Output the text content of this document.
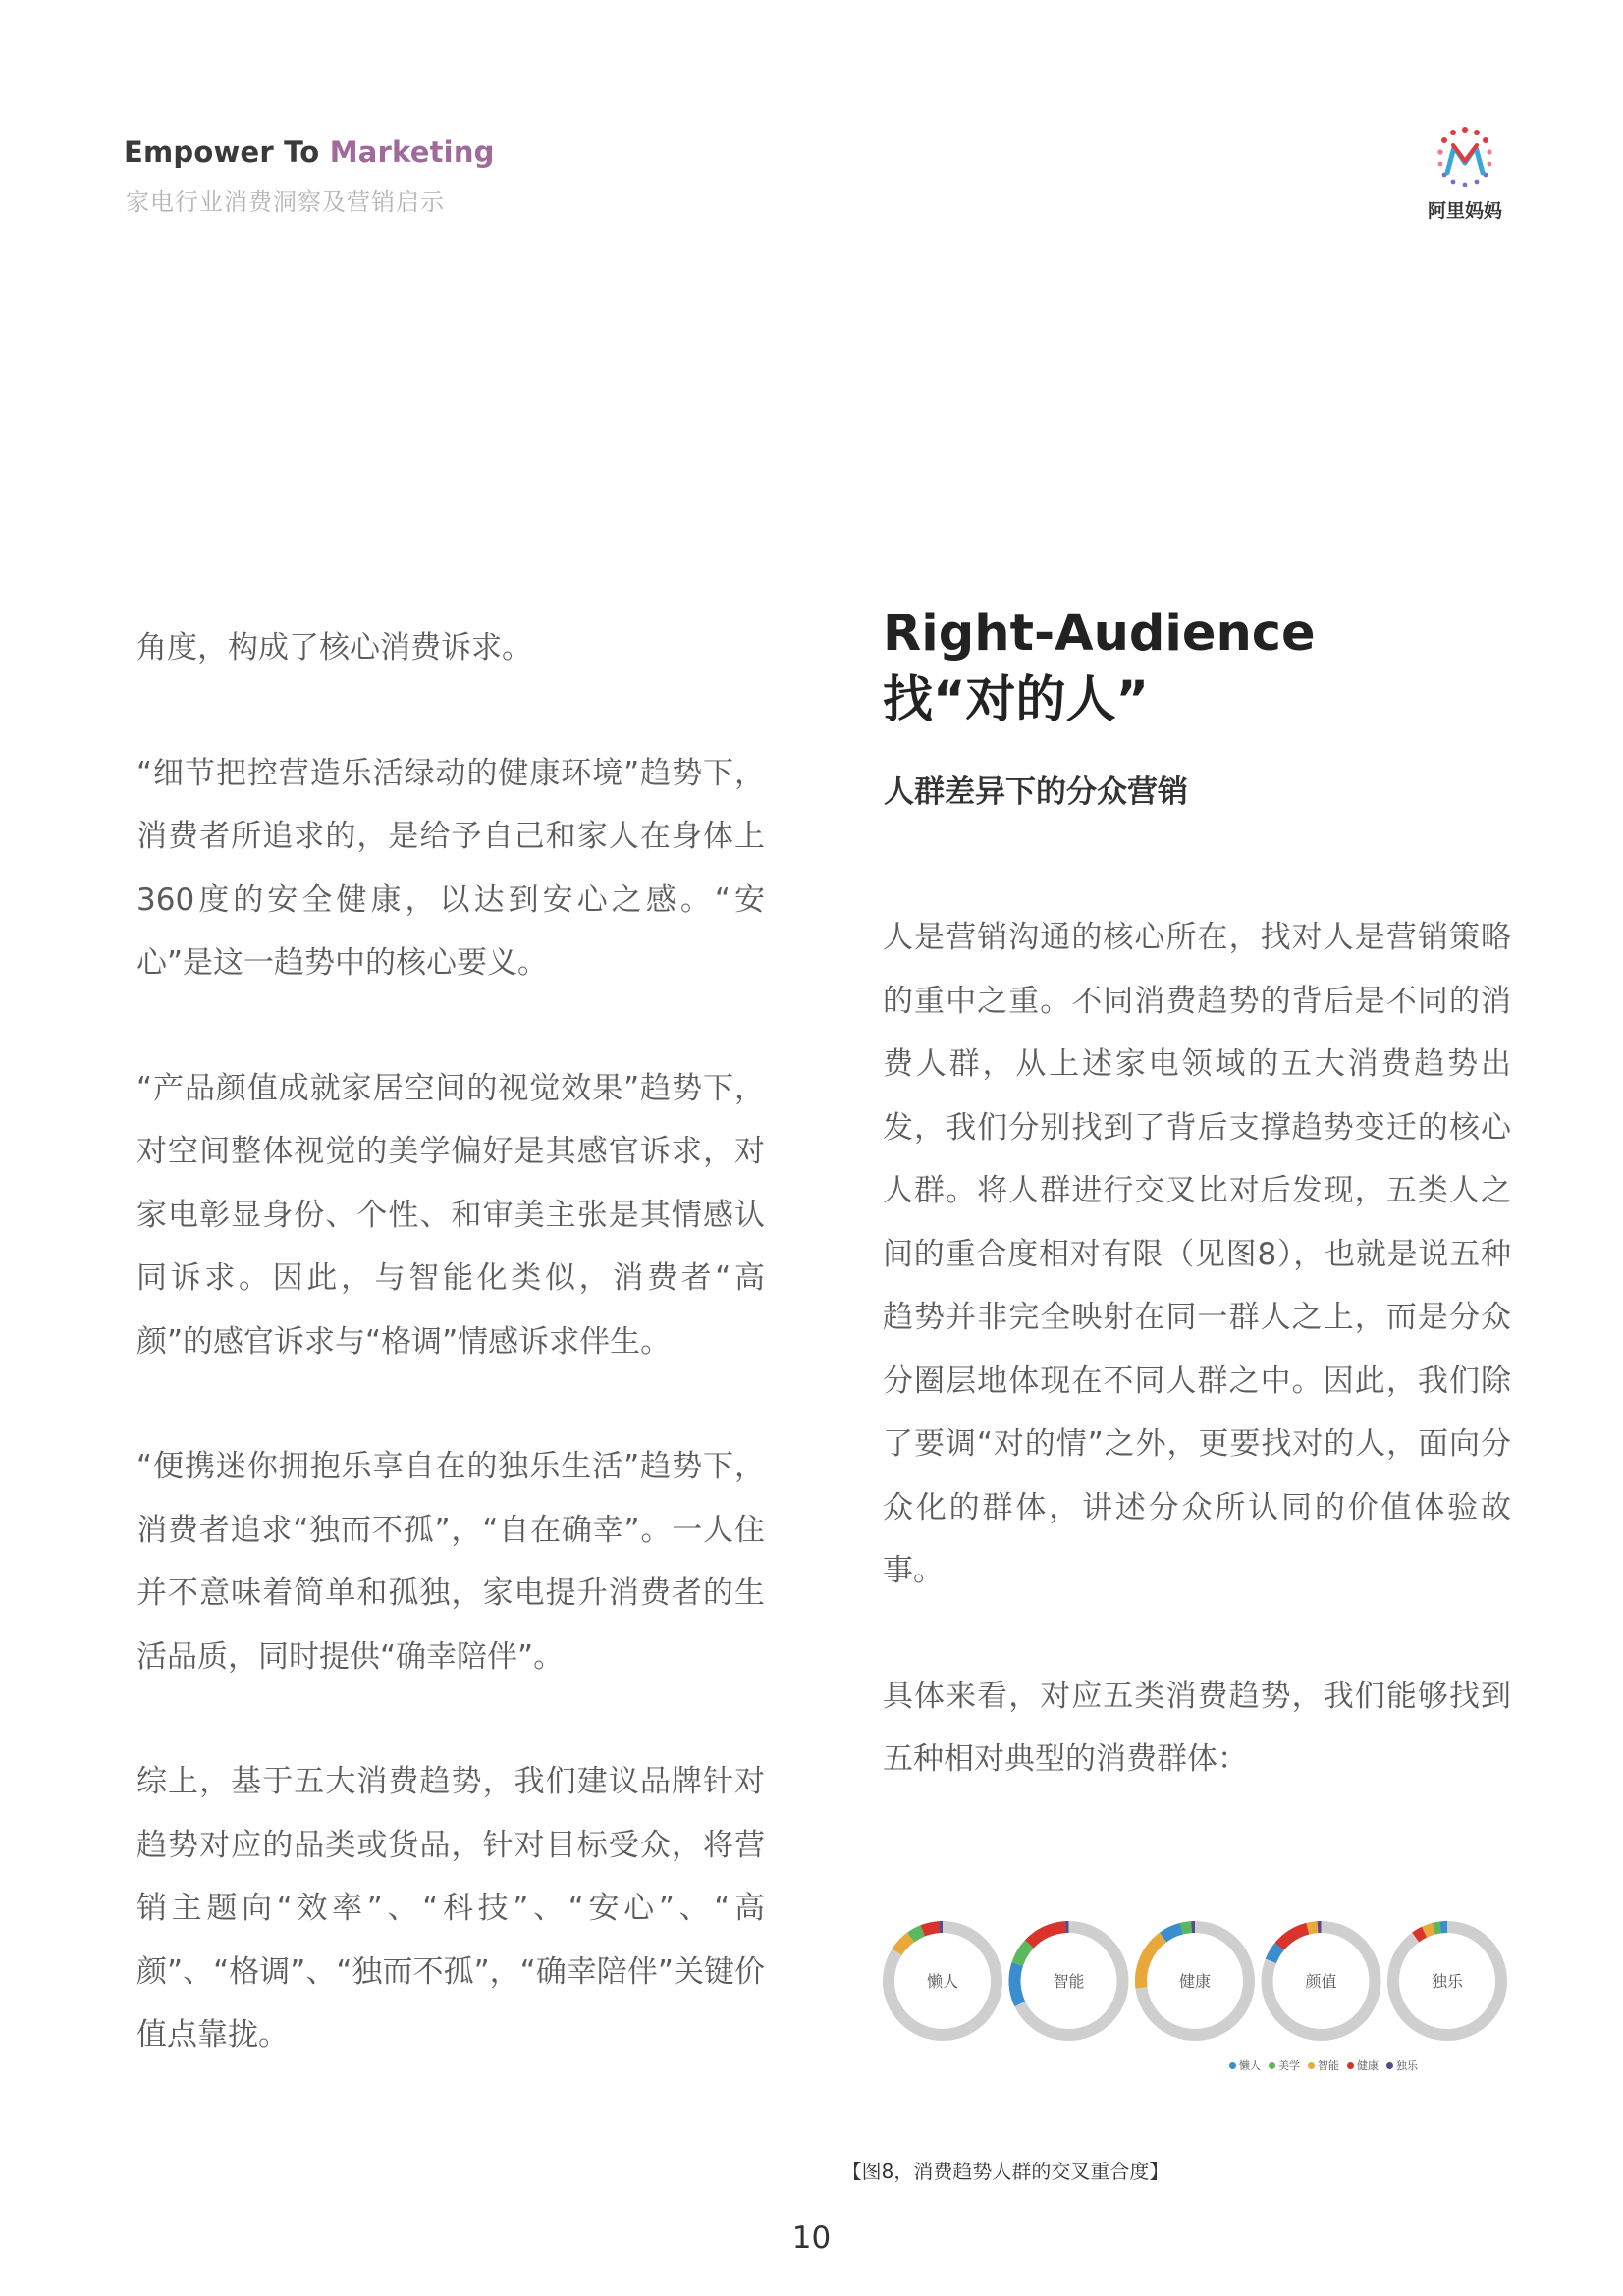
Empower To Marketing
家电行业消费洞察及营销启示	阿里妈妈

角度，构成了核心消费诉求。

“细节把控营造乐活绿动的健康环境”趋势下，消费者所追求的，是给予自己和家人在身体上360度的安全健康，以达到安心之感。“安心”是这一趋势中的核心要义。

“产品颜值成就家居空间的视觉效果”趋势下，对空间整体视觉的美学偏好是其感官诉求，对家电彰显身份、个性、和审美主张是其情感认同诉求。因此，与智能化类似，消费者“高颜”的感官诉求与“格调”情感诉求伴生。

“便携迷你拥抱乐享自在的独乐生活”趋势下，消费者追求“独而不孤”，“自在确幸”。一人住并不意味着简单和孤独，家电提升消费者的生活品质，同时提供“确幸陪伴”。

综上，基于五大消费趋势，我们建议品牌针对趋势对应的品类或货品，针对目标受众，将营销主题向“效率”、“科技”、“安心”、“高颜”、“格调”、“独而不孤”，“确幸陪伴”关键价值点靠拢。

Right-Audience
找“对的人”
人群差异下的分众营销

人是营销沟通的核心所在，找对人是营销策略的重中之重。不同消费趋势的背后是不同的消费人群，从上述家电领域的五大消费趋势出发，我们分别找到了背后支撑趋势变迁的核心人群。将人群进行交叉比对后发现，五类人之间的重合度相对有限（见图8），也就是说五种趋势并非完全映射在同一群人之上，而是分众分圈层地体现在不同人群之中。因此，我们除了要调“对的情”之外，更要找对的人，面向分众化的群体，讲述分众所认同的价值体验故事。

具体来看，对应五类消费趋势，我们能够找到五种相对典型的消费群体：

懒人	智能	健康	颜值	独乐
懒人 美学 智能 健康 独乐
【图8，消费趋势人群的交叉重合度】
10
